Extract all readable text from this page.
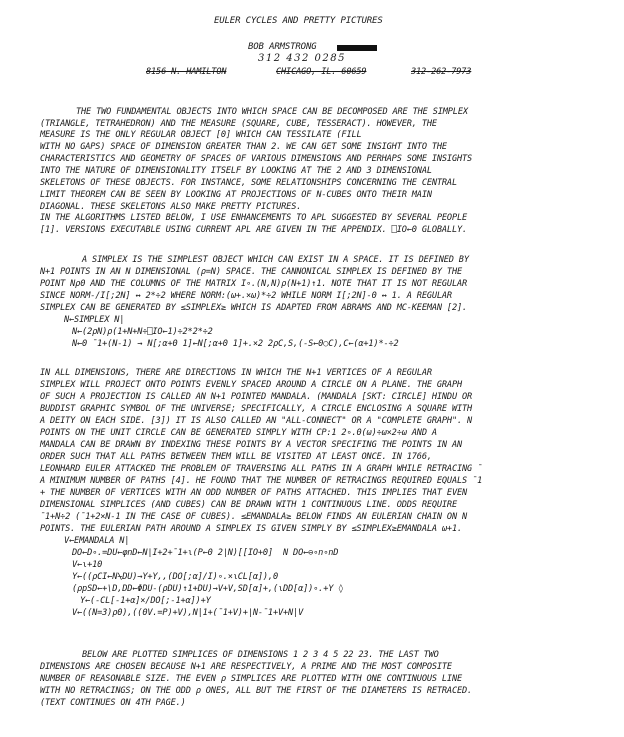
EULER CYCLES AND PRETTY PICTURES
BOB ARMSTRONG
312 432 0285
8156 N. HAMILTON	CHICAGO, IL. 60659	312-262-7973
THE TWO FUNDAMENTAL OBJECTS INTO WHICH SPACE CAN BE DECOMPOSED ARE THE SIMPLEX
(TRIANGLE, TETRAHEDRON) AND THE MEASURE (SQUARE, CUBE, TESSERACT). HOWEVER, THE
MEASURE IS THE ONLY REGULAR OBJECT [0] WHICH CAN TESSILATE (FILL
WITH NO GAPS) SPACE OF DIMENSION GREATER THAN 2. WE CAN GET SOME INSIGHT INTO THE
CHARACTERISTICS AND GEOMETRY OF SPACES OF VARIOUS DIMENSIONS AND PERHAPS SOME INSIGHTS
INTO THE NATURE OF DIMENSIONALITY ITSELF BY LOOKING AT THE 2 AND 3 DIMENSIONAL
SKELETONS OF THESE OBJECTS. FOR INSTANCE, SOME RELATIONSHIPS CONCERNING THE CENTRAL
LIMIT THEOREM CAN BE SEEN BY LOOKING AT PROJECTIONS OF N-CUBES ONTO THEIR MAIN
DIAGONAL. THESE SKELETONS ALSO MAKE PRETTY PICTURES.
IN THE ALGORITHMS LISTED BELOW, I USE ENHANCEMENTS TO APL SUGGESTED BY SEVERAL PEOPLE
[1]. VERSIONS EXECUTABLE USING CURRENT APL ARE GIVEN IN THE APPENDIX. ⎕IO←0 GLOBALLY.
A SIMPLEX IS THE SIMPLEST OBJECT WHICH CAN EXIST IN A SPACE. IT IS DEFINED BY
N+1 POINTS IN AN N DIMENSIONAL (ρ=N) SPACE. THE CANNONICAL SIMPLEX IS DEFINED BY THE
POINT Nρ0 AND THE COLUMNS OF THE MATRIX I∘.(N,N)ρ(N+1)↑1. NOTE THAT IT IS NOT REGULAR
SINCE NORM-/I[;2N] ↔ 2*÷2 WHERE NORM:(ω+.×ω)*÷2 WHILE NORM I[;2N]-0 ↔ 1. A REGULAR
SIMPLEX CAN BE GENERATED BY ≤SIMPLEX≥ WHICH IS ADAPTED FROM ABRAMS AND MC-KEEMAN [2].
N←SIMPLEX N|
N←(2ρN)ρ(1+N+N÷⎕IO←1)÷2*2*÷2
N←0 ¯1+(N-1) → N[;α+0 1]←N[;α+0 1]+.×2 2ρC,S,(-S←0○C),C←(α+1)*-÷2
IN ALL DIMENSIONS, THERE ARE DIRECTIONS IN WHICH THE N+1 VERTICES OF A REGULAR
SIMPLEX WILL PROJECT ONTO POINTS EVENLY SPACED AROUND A CIRCLE ON A PLANE. THE GRAPH
OF SUCH A PROJECTION IS CALLED AN N+1 POINTED MANDALA. (MANDALA [SKT: CIRCLE] HINDU OR
BUDDIST GRAPHIC SYMBOL OF THE UNIVERSE; SPECIFICALLY, A CIRCLE ENCLOSING A SQUARE WITH
A DEITY ON EACH SIDE. [3]) IT IS ALSO CALLED AN "ALL-CONNECT" OR A "COMPLETE GRAPH". N
POINTS ON THE UNIT CIRCLE CAN BE GENERATED SIMPLY WITH CP:1 2∘.0(ω)÷ω×2÷ω AND A
MANDALA CAN BE DRAWN BY INDEXING THESE POINTS BY A VECTOR SPECIFING THE POINTS IN AN
ORDER SUCH THAT ALL PATHS BETWEEN THEM WILL BE VISITED AT LEAST ONCE. IN 1766,
LEONHARD EULER ATTACKED THE PROBLEM OF TRAVERSING ALL PATHS IN A GRAPH WHILE RETRACING ¯
A MINIMUM NUMBER OF PATHS [4]. HE FOUND THAT THE NUMBER OF RETRACINGS REQUIRED EQUALS ¯1
+ THE NUMBER OF VERTICES WITH AN ODD NUMBER OF PATHS ATTACHED. THIS IMPLIES THAT EVEN
DIMENSIONAL SIMPLICES (AND CUBES) CAN BE DRAWN WITH 1 CONTINUOUS LINE. ODDS REQUIRE
¯1+N÷2 (¯1+2×N-1 IN THE CASE OF CUBES). ≤EMANDALA≥ BELOW FINDS AN EULERIAN CHAIN ON N
POINTS. THE EULERIAN PATH AROUND A SIMPLEX IS GIVEN SIMPLY BY ≤SIMPLEX≥EMANDALA ω+1.
V←EMANDALA N|
DO←D∘.=DU←φnD←N∣I+2+¯1+⍳(P←0 2∣N)[[IO+0]  N DO←⊖∘n∘nD
V←⍳+10
Y←((ρCI←N⍀DU)→Y+Y,,(DO[;α]/I)∘.×⍳CL[α]),0
(ρpSD←+\D,DD←ΦDU-(ρDU)↑1+DU)→V+V,SD[α]+,(⍳DD[α])∘.+Y ◊
Y←(-CL[-1+α]×/DO[;-1+α])+Y
V←((N=3)ρ0),((0V.=P)+V),N|1+(¯1+V)+∣N-¯1+V+N|V
BELOW ARE PLOTTED SIMPLICES OF DIMENSIONS 1 2 3 4 5 22 23. THE LAST TWO
DIMENSIONS ARE CHOSEN BECAUSE N+1 ARE RESPECTIVELY, A PRIME AND THE MOST COMPOSITE
NUMBER OF REASONABLE SIZE. THE EVEN ρ SIMPLICES ARE PLOTTED WITH ONE CONTINUOUS LINE
WITH NO RETRACINGS; ON THE ODD ρ ONES, ALL BUT THE FIRST OF THE DIAMETERS IS RETRACED.
(TEXT CONTINUES ON 4TH PAGE.)
